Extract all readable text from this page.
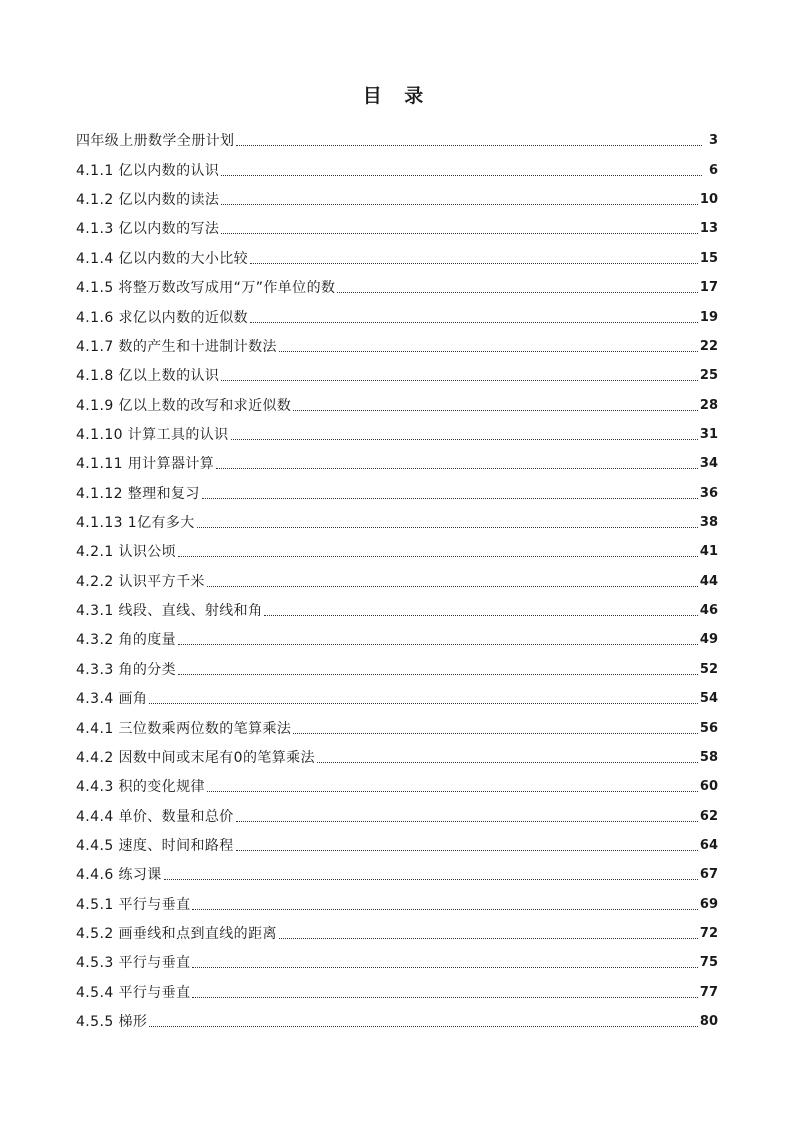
目 录
四年级上册数学全册计划	3
4.1.1 亿以内数的认识	6
4.1.2 亿以内数的读法	10
4.1.3 亿以内数的写法	13
4.1.4 亿以内数的大小比较	15
4.1.5 将整万数改写成用“万”作单位的数	17
4.1.6 求亿以内数的近似数	19
4.1.7 数的产生和十进制计数法	22
4.1.8 亿以上数的认识	25
4.1.9 亿以上数的改写和求近似数	28
4.1.10 计算工具的认识	31
4.1.11 用计算器计算	34
4.1.12 整理和复习	36
4.1.13 1亿有多大	38
4.2.1 认识公顷	41
4.2.2 认识平方千米	44
4.3.1 线段、直线、射线和角	46
4.3.2 角的度量	49
4.3.3 角的分类	52
4.3.4 画角	54
4.4.1 三位数乘两位数的笔算乘法	56
4.4.2 因数中间或末尾有0的笔算乘法	58
4.4.3 积的变化规律	60
4.4.4 单价、数量和总价	62
4.4.5 速度、时间和路程	64
4.4.6 练习课	67
4.5.1 平行与垂直	69
4.5.2 画垂线和点到直线的距离	72
4.5.3 平行与垂直	75
4.5.4 平行与垂直	77
4.5.5 梯形	80
